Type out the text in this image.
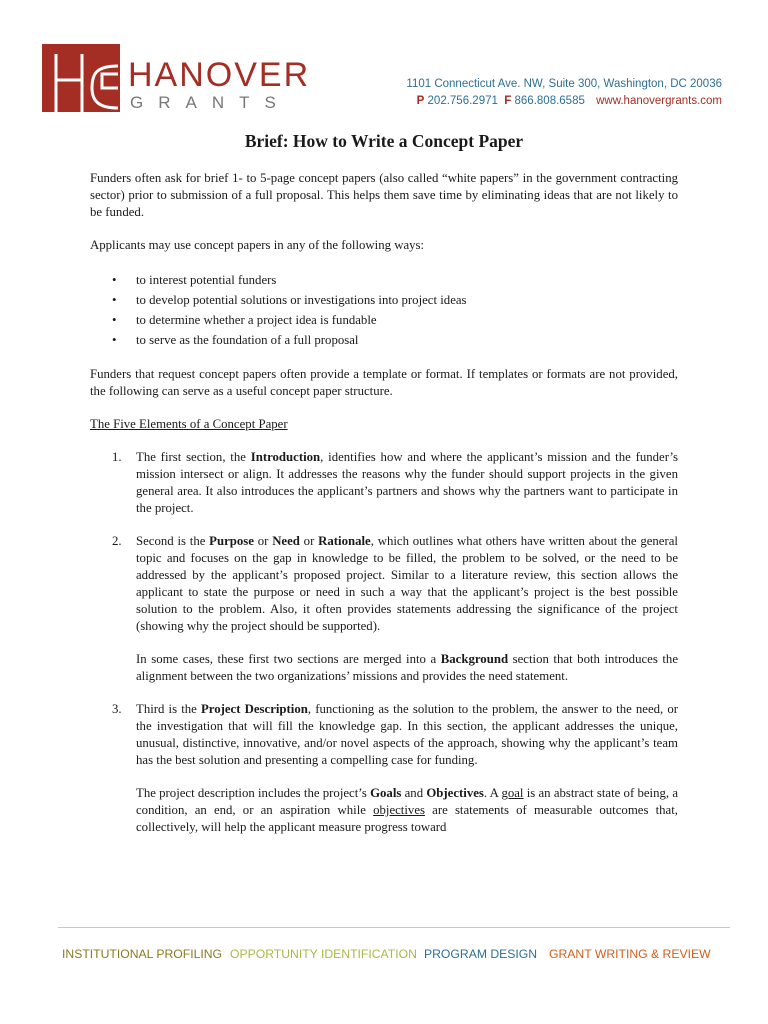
HANOVER
GRANTS
1101 Connecticut Ave. NW, Suite 300, Washington, DC 20036
P 202.756.2971 F 866.808.6585 www.hanovergrants.com
Brief: How to Write a Concept Paper

Funders often ask for brief 1- to 5-page concept papers (also called “white papers” in the government contracting sector) prior to submission of a full proposal. This helps them save time by eliminating ideas that are not likely to be funded.

Applicants may use concept papers in any of the following ways:

• to interest potential funders
• to develop potential solutions or investigations into project ideas
• to determine whether a project idea is fundable
• to serve as the foundation of a full proposal

Funders that request concept papers often provide a template or format. If templates or formats are not provided, the following can serve as a useful concept paper structure.

The Five Elements of a Concept Paper
1. The first section, the Introduction, identifies how and where the applicant’s mission and the funder’s mission intersect or align. It addresses the reasons why the funder should support projects in the given general area. It also introduces the applicant’s partners and shows why the partners want to participate in the project.

2. Second is the Purpose or Need or Rationale, which outlines what others have written about the general topic and focuses on the gap in knowledge to be filled, the problem to be solved, or the need to be addressed by the applicant’s proposed project. Similar to a literature review, this section allows the applicant to state the purpose or need in such a way that the applicant’s project is the best possible solution to the problem. Also, it often provides statements addressing the significance of the project (showing why the project should be supported).

In some cases, these first two sections are merged into a Background section that both introduces the alignment between the two organizations’ missions and provides the need statement.

3. Third is the Project Description, functioning as the solution to the problem, the answer to the need, or the investigation that will fill the knowledge gap. In this section, the applicant addresses the unique, unusual, distinctive, innovative, and/or novel aspects of the approach, showing why the applicant’s team has the best solution and presenting a compelling case for funding.

The project description includes the project’s Goals and Objectives. A goal is an abstract state of being, a condition, an end, or an aspiration while objectives are statements of measurable outcomes that, collectively, will help the applicant measure progress toward

INSTITUTIONAL PROFILING OPPORTUNITY IDENTIFICATION PROGRAM DESIGN GRANT WRITING & REVIEW
